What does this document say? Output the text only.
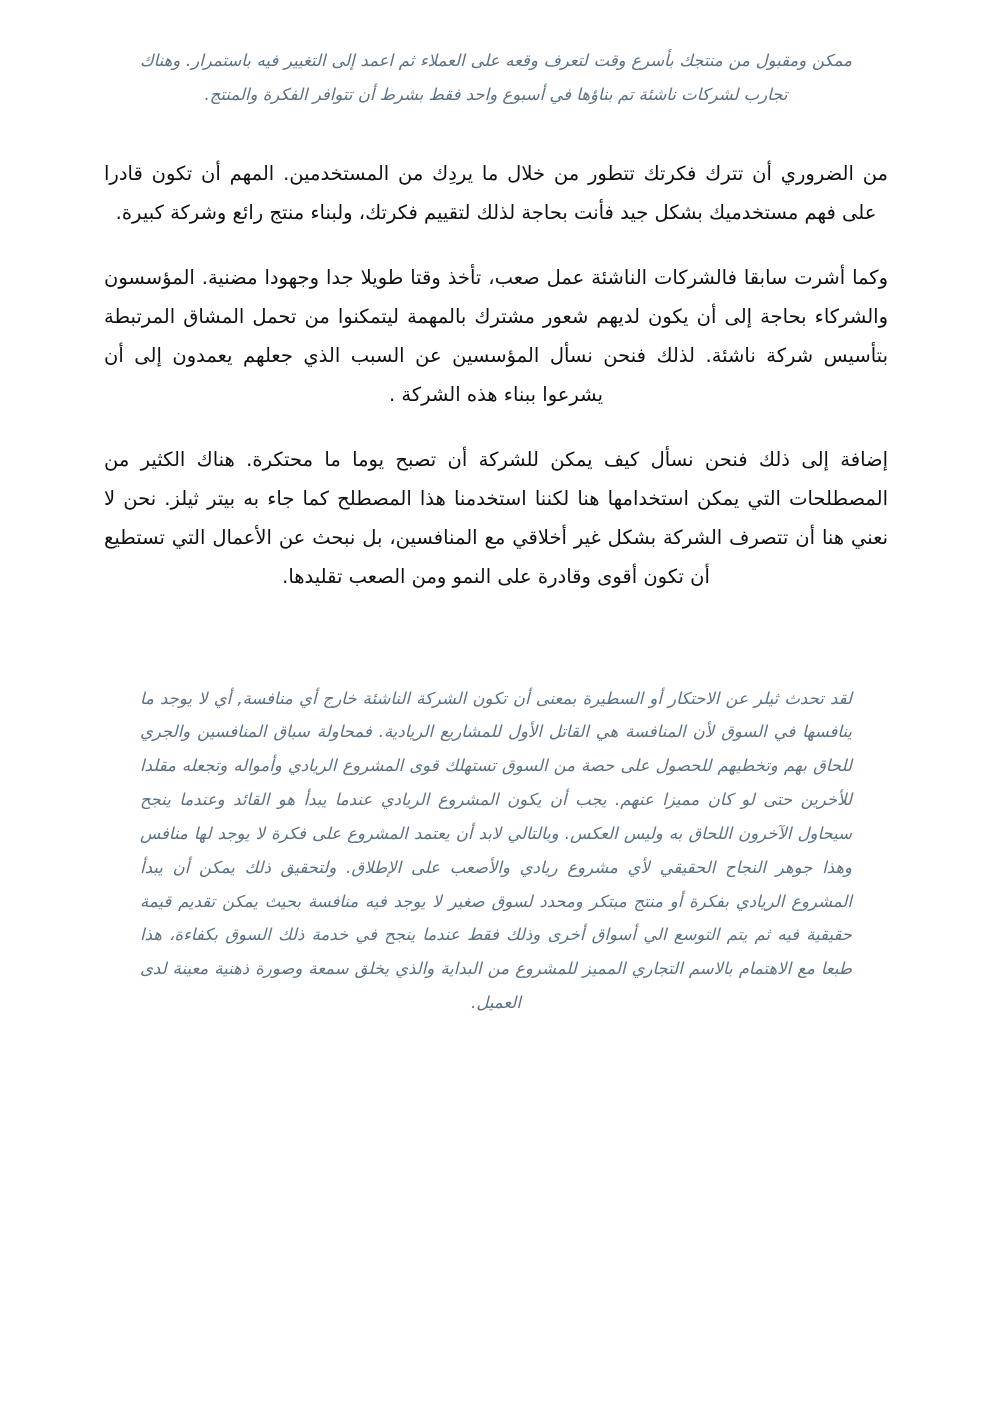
ممكن ومقبول من منتجك بأسرع وقت لتعرف وقعه على العملاء ثم اعمد إلى التغيير فيه باستمرار. وهناك تجارب لشركات ناشئة تم بناؤها في أسبوع واحد فقط بشرط أن تتوافر الفكرة والمنتج.

من الضروري أن تترك فكرتك تتطور من خلال ما يردِك من المستخدمين. المهم أن تكون قادرا على فهم مستخدميك بشكل جيد فأنت بحاجة لذلك لتقييم فكرتك، ولبناء منتج رائع وشركة كبيرة.

وكما أشرت سابقا فالشركات الناشئة عمل صعب، تأخذ وقتا طويلا جدا وجهودا مضنية. المؤسسون والشركاء بحاجة إلى أن يكون لديهم شعور مشترك بالمهمة ليتمكنوا من تحمل المشاق المرتبطة بتأسيس شركة ناشئة. لذلك فنحن نسأل المؤسسين عن السبب الذي جعلهم يعمدون إلى أن يشرعوا ببناء هذه الشركة .

إضافة إلى ذلك فنحن نسأل كيف يمكن للشركة أن تصبح يوما ما محتكرة. هناك الكثير من المصطلحات التي يمكن استخدامها هنا لكننا استخدمنا هذا المصطلح كما جاء به بيتر ثيلز. نحن لا نعني هنا أن تتصرف الشركة بشكل غير أخلاقي مع المنافسين، بل نبحث عن الأعمال التي تستطيع أن تكون أقوى وقادرة على النمو ومن الصعب تقليدها.

لقد تحدث ثيلر عن الاحتكار أو السطيرة بمعنى أن تكون الشركة الناشئة خارج أي منافسة, أي لا يوجد ما ينافسها في السوق لأن المنافسة هي القاتل الأول للمشاريع الريادية. فمحاولة سباق المنافسين والجري للحاق بهم وتخطيهم للحصول على حصة من السوق تستهلك قوى المشروع الريادي وأمواله وتجعله مقلدا للأخرين حتى لو كان مميزا عنهم. يجب أن يكون المشروع الريادي عندما يبدأ هو القائد وعندما ينجح سيحاول الآخرون اللحاق به وليس العكس. وبالتالي لابد أن يعتمد المشروع على فكرة لا يوجد لها منافس وهذا جوهر النجاح الحقيقي لأي مشروع ريادي والأصعب على الإطلاق. ولتحقيق ذلك يمكن أن يبدأ المشروع الريادي بفكرة أو منتج مبتكر ومحدد لسوق صغير لا يوجد فيه منافسة بحيث يمكن تقديم قيمة حقيقية فيه ثم يتم التوسع الي أسواق أخرى وذلك فقط عندما ينجح في خدمة ذلك السوق بكفاءة، هذا طبعا مع الاهتمام بالاسم التجاري المميز للمشروع من البداية والذي يخلق سمعة وصورة ذهنية معينة لدى العميل.
